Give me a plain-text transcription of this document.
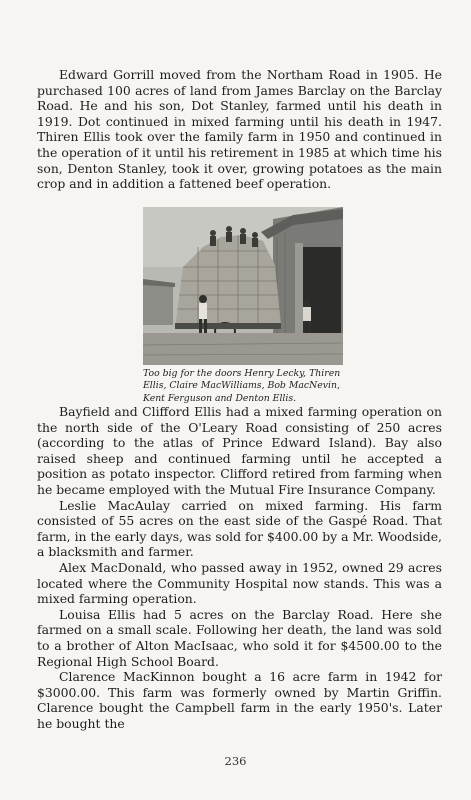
Edward Gorrill moved from the Northam Road in 1905. He purchased 100 acres of land from James Barclay on the Barclay Road. He and his son, Dot Stanley, farmed until his death in 1919. Dot continued in mixed farming until his death in 1947. Thiren Ellis took over the family farm in 1950 and continued in the operation of it until his retirement in 1985 at which time his son, Denton Stanley, took it over, growing potatoes as the main crop and in addition a fattened beef operation.

Too big for the doors Henry Lecky, Thiren
Ellis, Claire MacWilliams, Bob MacNevin,
Kent Ferguson and Denton Ellis.

Bayfield and Clifford Ellis had a mixed farming operation on the north side of the O'Leary Road consisting of 250 acres (according to the atlas of Prince Edward Island). Bay also raised sheep and continued farming until he accepted a position as potato inspector. Clifford retired from farming when he became employed with the Mutual Fire Insurance Company.

Leslie MacAulay carried on mixed farming. His farm consisted of 55 acres on the east side of the Gaspé Road. That farm, in the early days, was sold for $400.00 by a Mr. Woodside, a blacksmith and farmer.

Alex MacDonald, who passed away in 1952, owned 29 acres located where the Community Hospital now stands. This was a mixed farming operation.

Louisa Ellis had 5 acres on the Barclay Road. Here she farmed on a small scale. Following her death, the land was sold to a brother of Alton MacIsaac, who sold it for $4500.00 to the Regional High School Board.

Clarence MacKinnon bought a 16 acre farm in 1942 for $3000.00. This farm was formerly owned by Martin Griffin. Clarence bought the Campbell farm in the early 1950's. Later he bought the

236
